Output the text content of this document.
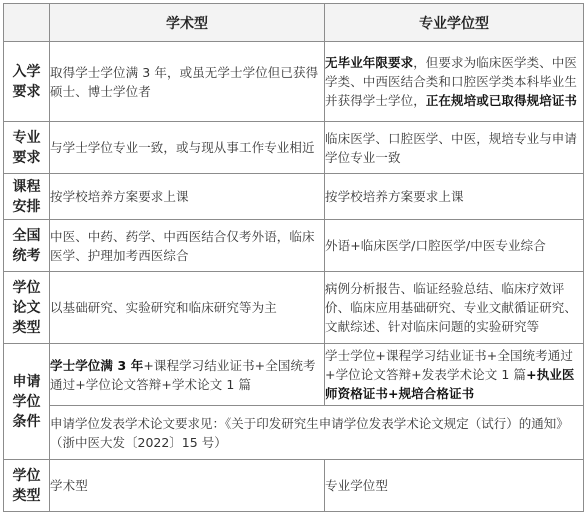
	学术型	专业学位型

入学
要求	取得学士学位满 3 年，或虽无学士学位但已获得硕士、博士学位者	无毕业年限要求，但要求为临床医学类、中医学类、中西医结合类和口腔医学类本科毕业生并获得学士学位，正在规培或已取得规培证书

专业
要求	与学士学位专业一致，或与现从事工作专业相近	临床医学、口腔医学、中医，规培专业与申请学位专业一致

课程
安排	按学校培养方案要求上课	按学校培养方案要求上课

全国
统考	中医、中药、药学、中西医结合仅考外语，临床医学、护理加考西医综合	外语+临床医学/口腔医学/中医专业综合

学位
论文
类型	以基础研究、实验研究和临床研究等为主	病例分析报告、临证经验总结、临床疗效评价、临床应用基础研究、专业文献循证研究、文献综述、针对临床问题的实验研究等

申请
学位
条件	学士学位满 3 年+课程学习结业证书+全国统考通过+学位论文答辩+学术论文 1 篇	学士学位+课程学习结业证书+全国统考通过+学位论文答辩+发表学术论文 1 篇+执业医师资格证书+规培合格证书
	申请学位发表学术论文要求见：《关于印发研究生申请学位发表学术论文规定（试行）的通知》（浙中医大发〔2022〕15 号）	

学位
类型	学术型	专业学位型
